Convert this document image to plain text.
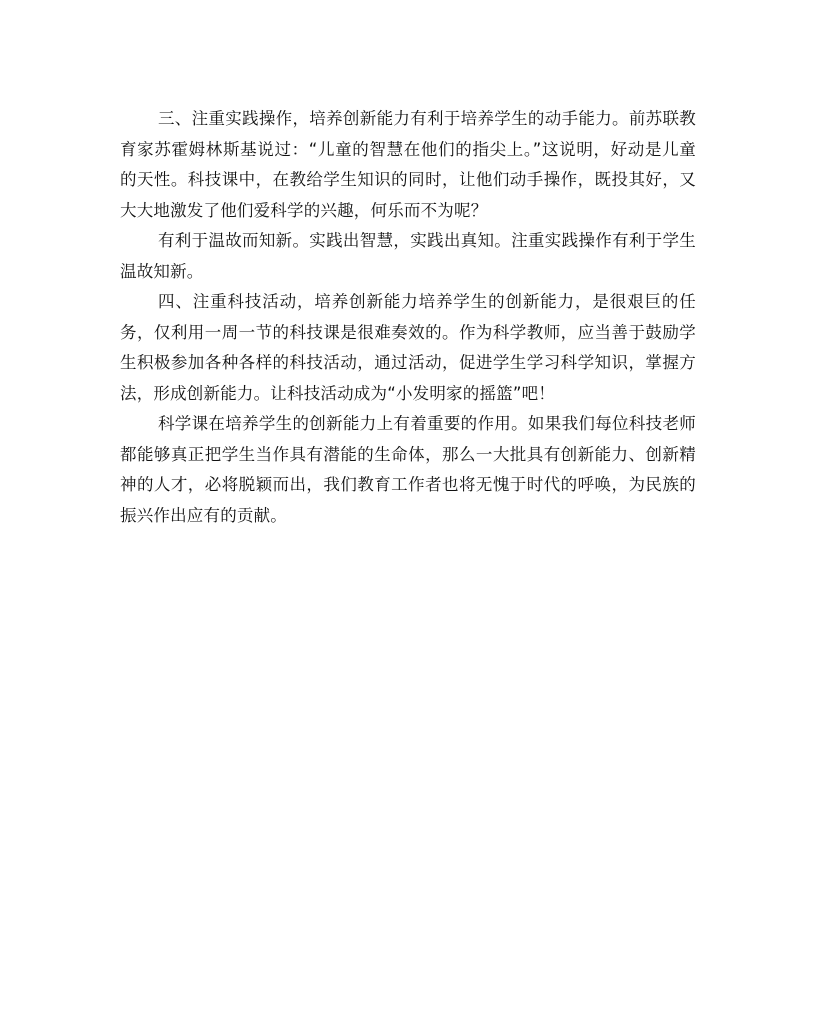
三、注重实践操作，培养创新能力有利于培养学生的动手能力。前苏联教育家苏霍姆林斯基说过：“儿童的智慧在他们的指尖上。”这说明，好动是儿童的天性。科技课中，在教给学生知识的同时，让他们动手操作，既投其好，又大大地激发了他们爱科学的兴趣，何乐而不为呢？

有利于温故而知新。实践出智慧，实践出真知。注重实践操作有利于学生温故知新。

四、注重科技活动，培养创新能力培养学生的创新能力，是很艰巨的任务，仅利用一周一节的科技课是很难奏效的。作为科学教师，应当善于鼓励学生积极参加各种各样的科技活动，通过活动，促进学生学习科学知识，掌握方法，形成创新能力。让科技活动成为“小发明家的摇篮”吧！

科学课在培养学生的创新能力上有着重要的作用。如果我们每位科技老师都能够真正把学生当作具有潜能的生命体，那么一大批具有创新能力、创新精神的人才，必将脱颖而出，我们教育工作者也将无愧于时代的呼唤，为民族的振兴作出应有的贡献。
